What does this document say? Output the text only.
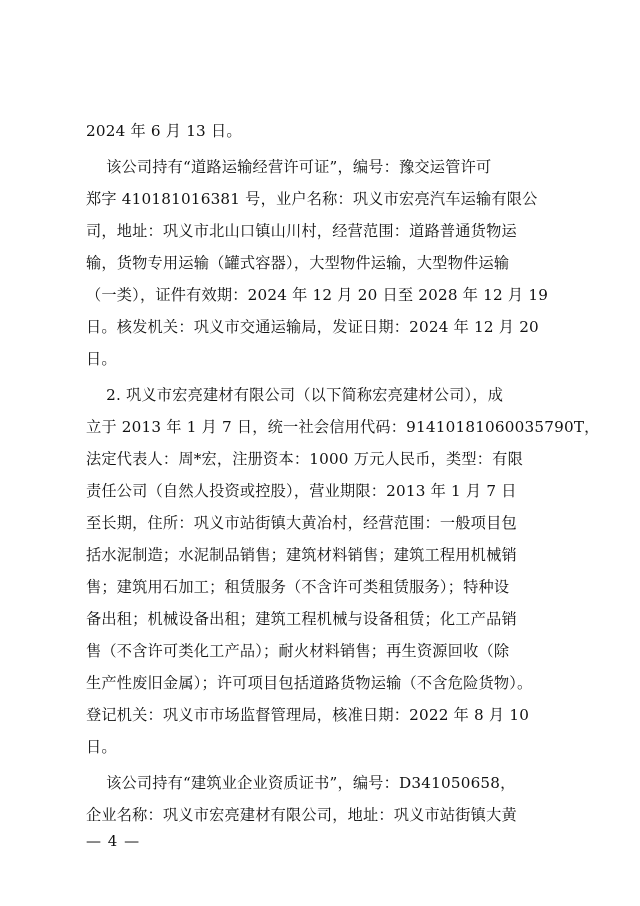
2024 年 6 月 13 日。
该公司持有“道路运输经营许可证”，编号：豫交运管许可
郑字 410181016381 号，业户名称：巩义市宏亮汽车运输有限公
司，地址：巩义市北山口镇山川村，经营范围：道路普通货物运
输，货物专用运输（罐式容器），大型物件运输，大型物件运输
（一类），证件有效期：2024 年 12 月 20 日至 2028 年 12 月 19
日。核发机关：巩义市交通运输局，发证日期：2024 年 12 月 20
日。
2. 巩义市宏亮建材有限公司（以下简称宏亮建材公司），成
立于 2013 年 1 月 7 日，统一社会信用代码：91410181060035790T，
法定代表人：周*宏，注册资本：1000 万元人民币，类型：有限
责任公司（自然人投资或控股），营业期限：2013 年 1 月 7 日
至长期，住所：巩义市站街镇大黄冶村，经营范围：一般项目包
括水泥制造；水泥制品销售；建筑材料销售；建筑工程用机械销
售；建筑用石加工；租赁服务（不含许可类租赁服务）；特种设
备出租；机械设备出租；建筑工程机械与设备租赁；化工产品销
售（不含许可类化工产品）；耐火材料销售；再生资源回收（除
生产性废旧金属）；许可项目包括道路货物运输（不含危险货物）。
登记机关：巩义市市场监督管理局，核准日期：2022 年 8 月 10
日。
该公司持有“建筑业企业资质证书”，编号：D341050658，
企业名称：巩义市宏亮建材有限公司，地址：巩义市站街镇大黄
— 4 —
